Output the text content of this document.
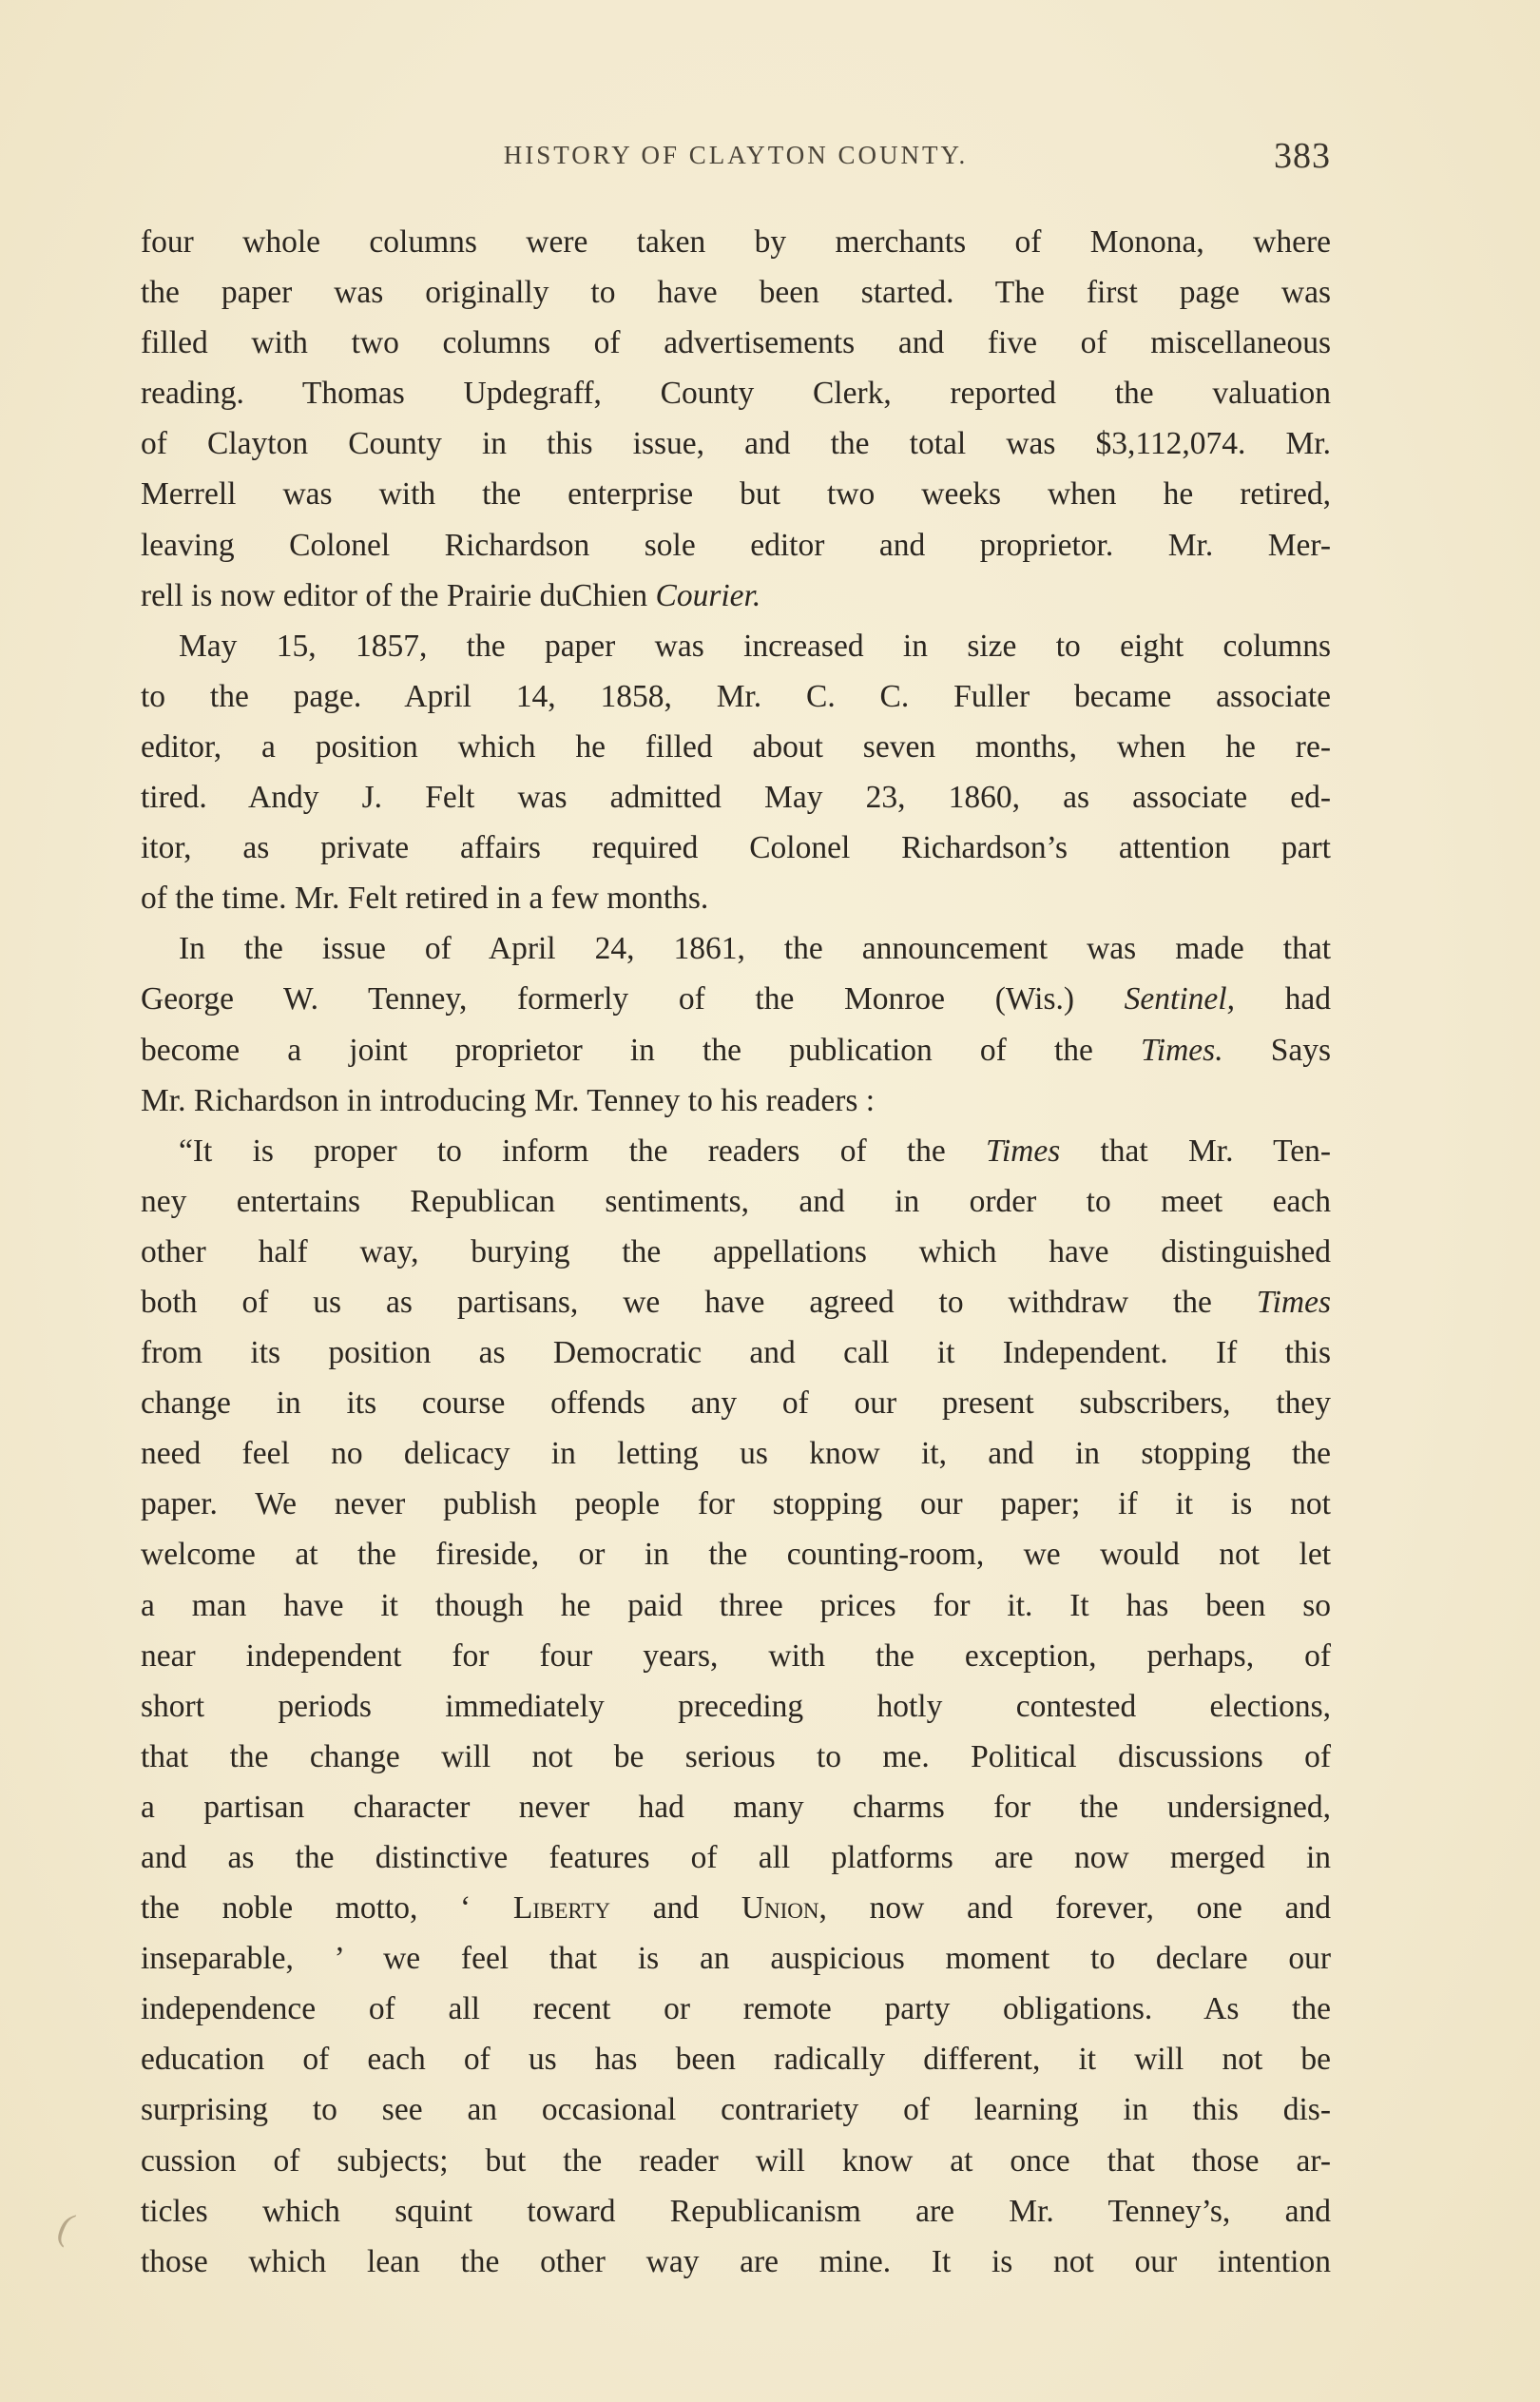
HISTORY OF CLAYTON COUNTY.	383
four whole columns were taken by merchants of Monona, where
the paper was originally to have been started. The first page was
filled with two columns of advertisements and five of miscellaneous
reading. Thomas Updegraff, County Clerk, reported the valuation
of Clayton County in this issue, and the total was $3,112,074. Mr.
Merrell was with the enterprise but two weeks when he retired,
leaving Colonel Richardson sole editor and proprietor. Mr. Mer-
rell is now editor of the Prairie duChien Courier.
May 15, 1857, the paper was increased in size to eight columns
to the page. April 14, 1858, Mr. C. C. Fuller became associate
editor, a position which he filled about seven months, when he re-
tired. Andy J. Felt was admitted May 23, 1860, as associate ed-
itor, as private affairs required Colonel Richardson’s attention part
of the time. Mr. Felt retired in a few months.
In the issue of April 24, 1861, the announcement was made that
George W. Tenney, formerly of the Monroe (Wis.) Sentinel, had
become a joint proprietor in the publication of the Times. Says
Mr. Richardson in introducing Mr. Tenney to his readers :
“It is proper to inform the readers of the Times that Mr. Ten-
ney entertains Republican sentiments, and in order to meet each
other half way, burying the appellations which have distinguished
both of us as partisans, we have agreed to withdraw the Times
from its position as Democratic and call it Independent. If this
change in its course offends any of our present subscribers, they
need feel no delicacy in letting us know it, and in stopping the
paper. We never publish people for stopping our paper; if it is not
welcome at the fireside, or in the counting-room, we would not let
a man have it though he paid three prices for it. It has been so
near independent for four years, with the exception, perhaps, of
short periods immediately preceding hotly contested elections,
that the change will not be serious to me. Political discussions of
a partisan character never had many charms for the undersigned,
and as the distinctive features of all platforms are now merged in
the noble motto, ‘ Liberty and Union, now and forever, one and
inseparable, ’ we feel that is an auspicious moment to declare our
independence of all recent or remote party obligations. As the
education of each of us has been radically different, it will not be
surprising to see an occasional contrariety of learning in this dis-
cussion of subjects; but the reader will know at once that those ar-
ticles which squint toward Republicanism are Mr. Tenney’s, and
those which lean the other way are mine. It is not our intention
(
